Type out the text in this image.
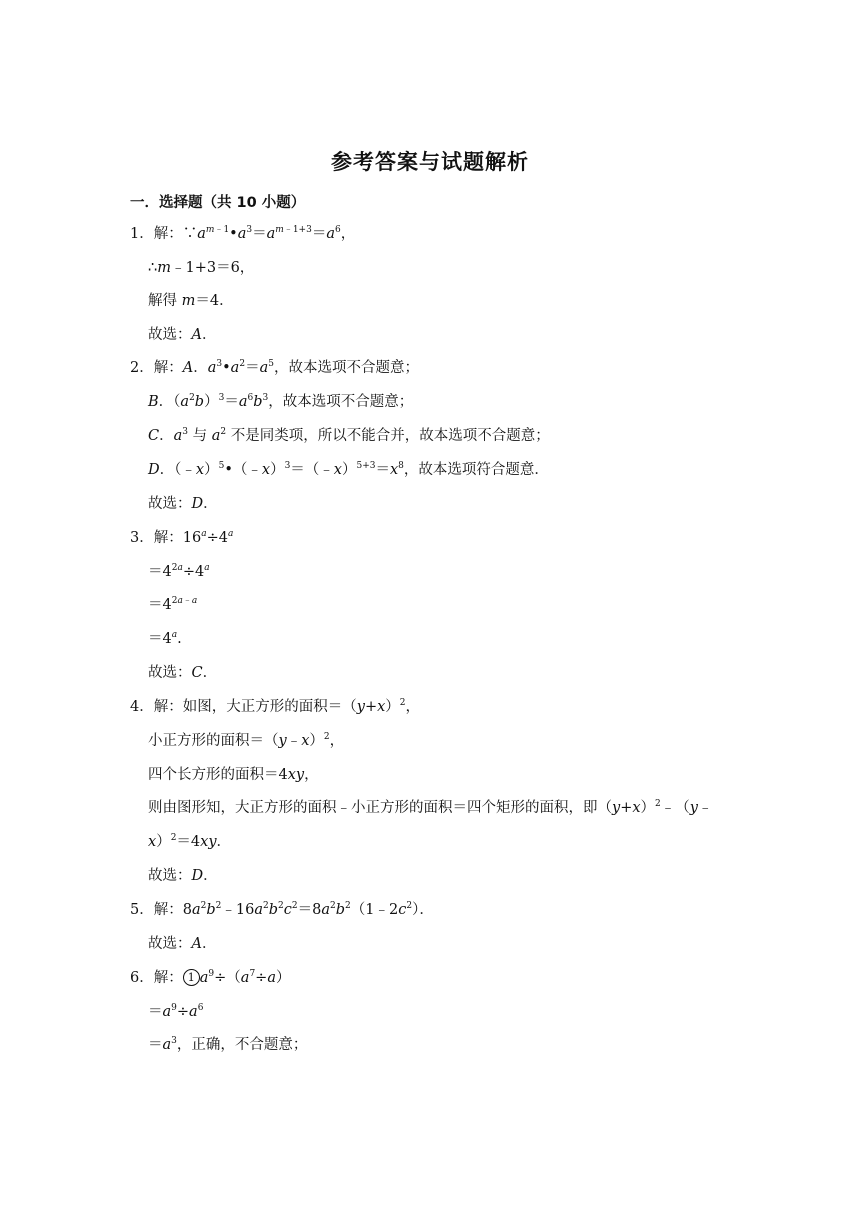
参考答案与试题解析
一．选择题（共 10 小题）
1．解：$\because a^{m﹣1}•a^3=a^{m﹣1+3}=a^6$，
∴m﹣1+3＝6，
解得 m＝4．
故选：A．
2．解：A．$a^3•a^2=a^5$，故本选项不合题意；
B．$(a^2b)^3=a^6b^3$，故本选项不合题意；
C．$a^3$ 与 $a^2$ 不是同类项，所以不能合并，故本选项不合题意；
D．$(﹣x)^5•(﹣x)^3=(﹣x)^{5+3}=x^8$，故本选项符合题意．
故选：D．
3．解：$16^a\div 4^a$
$=4^{2a}\div 4^a$
$=4^{2a﹣a}$
$=4^a$.
故选：C．
4．解：如图，大正方形的面积$=(y+x)^2$，
小正方形的面积＝（y﹣x）$^2$，
四个长方形的面积＝4xy，
则由图形知，大正方形的面积﹣小正方形的面积＝四个矩形的面积，即$(y+x)^2﹣(y﹣$
x）$^2$＝4xy．
故选：D．
5．解：$8a^2b^2﹣16a^2b^2c^2=8a^2b^2(1﹣2c^2)$．
故选：A．
6．解： 1 $a^9\div(a^7\div a)$
$=a^9\div a^6$
$=a^3$，正确，不合题意；
